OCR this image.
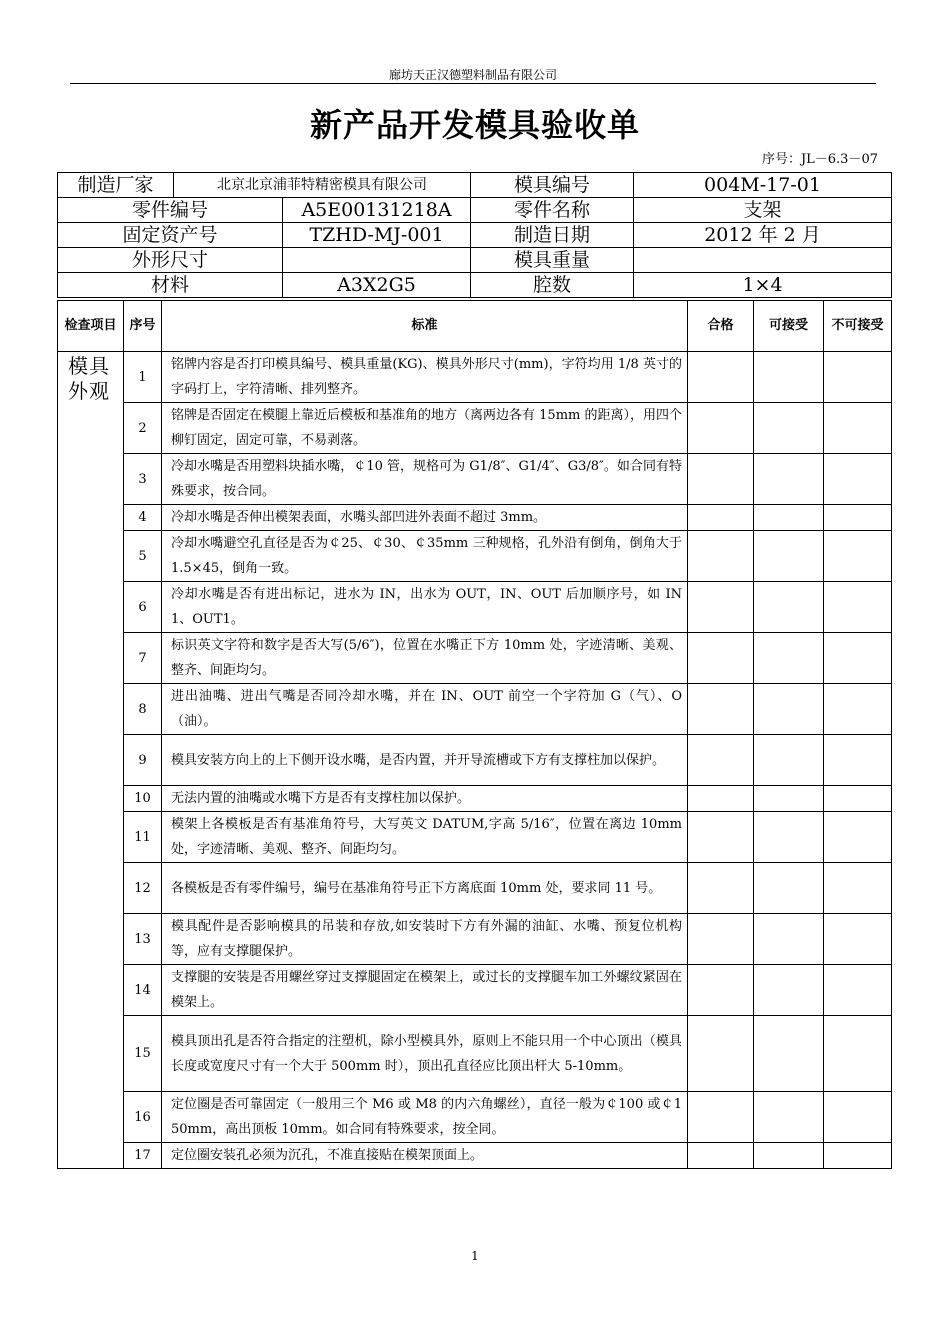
廊坊天正汉德塑料制品有限公司
新产品开发模具验收单
序号：JL－6.3－07
制造厂家	北京北京浦菲特精密模具有限公司		模具编号	004M-17-01
零件编号		A5E00131218A	零件名称	支架
固定资产号		TZHD-MJ-001	制造日期	2012 年 2 月
外形尺寸			模具重量	
材料		A3X2G5	腔数	1×4
检查项目	序号	标准	合格	可接受	不可接受
模具外观	1	铭牌内容是否打印模具编号、模具重量(KG)、模具外形尺寸(mm)，字符均用 1/8 英寸的字码打上，字符清晰、排列整齐。			
	2	铭牌是否固定在模腿上靠近后模板和基准角的地方（离两边各有 15mm 的距离），用四个柳钉固定，固定可靠，不易剥落。			
	3	冷却水嘴是否用塑料块插水嘴，￠10 管，规格可为 G1/8″、G1/4″、G3/8″。如合同有特殊要求，按合同。			
	4	冷却水嘴是否伸出模架表面，水嘴头部凹进外表面不超过 3mm。			
	5	冷却水嘴避空孔直径是否为￠25、￠30、￠35mm 三种规格，孔外沿有倒角，倒角大于 1.5×45，倒角一致。			
	6	冷却水嘴是否有进出标记，进水为 IN，出水为 OUT，IN、OUT 后加顺序号，如 IN1、OUT1。			
	7	标识英文字符和数字是否大写(5/6″)，位置在水嘴正下方 10mm 处，字迹清晰、美观、整齐、间距均匀。			
	8	进出油嘴、进出气嘴是否同冷却水嘴，并在 IN、OUT 前空一个字符加 G（气）、O（油）。			
	9	模具安装方向上的上下侧开设水嘴，是否内置，并开导流槽或下方有支撑柱加以保护。			
	10	无法内置的油嘴或水嘴下方是否有支撑柱加以保护。			
	11	模架上各模板是否有基准角符号，大写英文 DATUM,字高 5/16″，位置在离边 10mm 处，字迹清晰、美观、整齐、间距均匀。			
	12	各模板是否有零件编号，编号在基准角符号正下方离底面 10mm 处，要求同 11 号。			
	13	模具配件是否影响模具的吊装和存放,如安装时下方有外漏的油缸、水嘴、预复位机构等，应有支撑腿保护。			
	14	支撑腿的安装是否用螺丝穿过支撑腿固定在模架上，或过长的支撑腿车加工外螺纹紧固在模架上。			
	15	模具顶出孔是否符合指定的注塑机，除小型模具外，原则上不能只用一个中心顶出（模具长度或宽度尺寸有一个大于 500mm 时），顶出孔直径应比顶出杆大 5-10mm。			
	16	定位圈是否可靠固定（一般用三个 M6 或 M8 的内六角螺丝），直径一般为￠100 或￠150mm，高出顶板 10mm。如合同有特殊要求，按全同。			
	17	定位圈安装孔必须为沉孔，不准直接贴在模架顶面上。			
1
